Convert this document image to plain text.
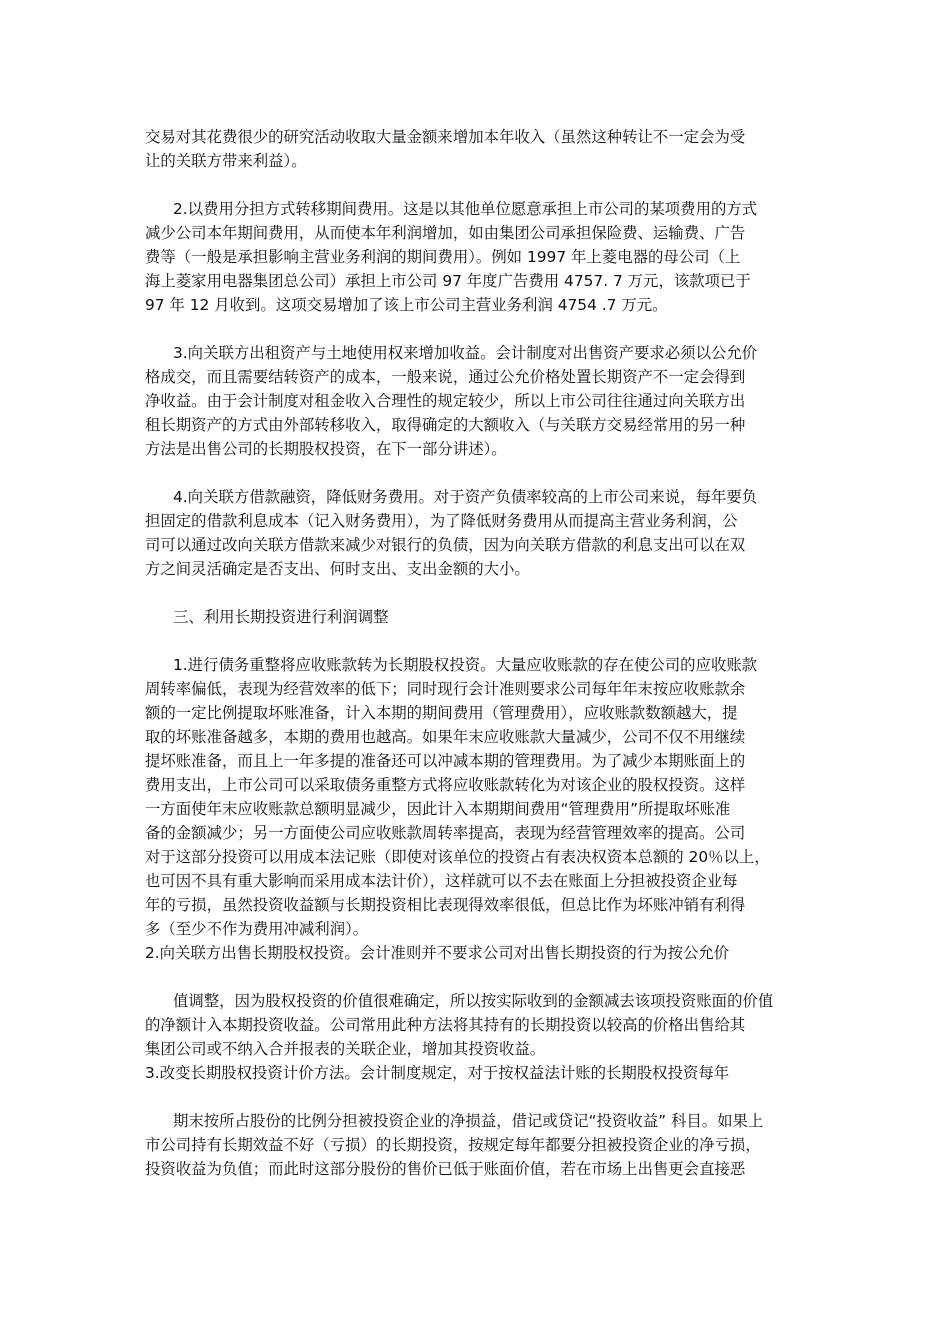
交易对其花费很少的研究活动收取大量金额来增加本年收入（虽然这种转让不一定会为受
让的关联方带来利益）。
2.以费用分担方式转移期间费用。这是以其他单位愿意承担上市公司的某项费用的方式
减少公司本年期间费用，从而使本年利润增加，如由集团公司承担保险费、运输费、广告
费等（一般是承担影响主营业务利润的期间费用）。例如 1997 年上菱电器的母公司（上
海上菱家用电器集团总公司）承担上市公司 97 年度广告费用 4757. 7 万元，该款项已于
97 年 12 月收到。这项交易增加了该上市公司主营业务利润 4754 .7 万元。
3.向关联方出租资产与土地使用权来增加收益。会计制度对出售资产要求必须以公允价
格成交，而且需要结转资产的成本，一般来说，通过公允价格处置长期资产不一定会得到
净收益。由于会计制度对租金收入合理性的规定较少，所以上市公司往往通过向关联方出
租长期资产的方式由外部转移收入，取得确定的大额收入（与关联方交易经常用的另一种
方法是出售公司的长期股权投资，在下一部分讲述）。
4.向关联方借款融资，降低财务费用。对于资产负债率较高的上市公司来说，每年要负
担固定的借款利息成本（记入财务费用），为了降低财务费用从而提高主营业务利润，公
司可以通过改向关联方借款来减少对银行的负债，因为向关联方借款的利息支出可以在双
方之间灵活确定是否支出、何时支出、支出金额的大小。
三、利用长期投资进行利润调整
1.进行债务重整将应收账款转为长期股权投资。大量应收账款的存在使公司的应收账款
周转率偏低，表现为经营效率的低下；同时现行会计准则要求公司每年年末按应收账款余
额的一定比例提取坏账准备，计入本期的期间费用（管理费用），应收账款数额越大，提
取的坏账准备越多，本期的费用也越高。如果年末应收账款大量减少，公司不仅不用继续
提坏账准备，而且上一年多提的准备还可以冲减本期的管理费用。为了减少本期账面上的
费用支出，上市公司可以采取债务重整方式将应收账款转化为对该企业的股权投资。这样
一方面使年末应收账款总额明显减少，因此计入本期期间费用“管理费用”所提取坏账准
备的金额减少；另一方面使公司应收账款周转率提高，表现为经营管理效率的提高。公司
对于这部分投资可以用成本法记账（即使对该单位的投资占有表决权资本总额的 20％以上，
也可因不具有重大影响而采用成本法计价），这样就可以不去在账面上分担被投资企业每
年的亏损，虽然投资收益额与长期投资相比表现得效率很低，但总比作为坏账冲销有利得
多（至少不作为费用冲减利润）。
2.向关联方出售长期股权投资。会计准则并不要求公司对出售长期投资的行为按公允价
值调整，因为股权投资的价值很难确定，所以按实际收到的金额减去该项投资账面的价值
的净额计入本期投资收益。公司常用此种方法将其持有的长期投资以较高的价格出售给其
集团公司或不纳入合并报表的关联企业，增加其投资收益。
3.改变长期股权投资计价方法。会计制度规定，对于按权益法计账的长期股权投资每年
期末按所占股份的比例分担被投资企业的净损益，借记或贷记“投资收益” 科目。如果上
市公司持有长期效益不好（亏损）的长期投资，按规定每年都要分担被投资企业的净亏损，
投资收益为负值；而此时这部分股份的售价已低于账面价值，若在市场上出售更会直接恶
